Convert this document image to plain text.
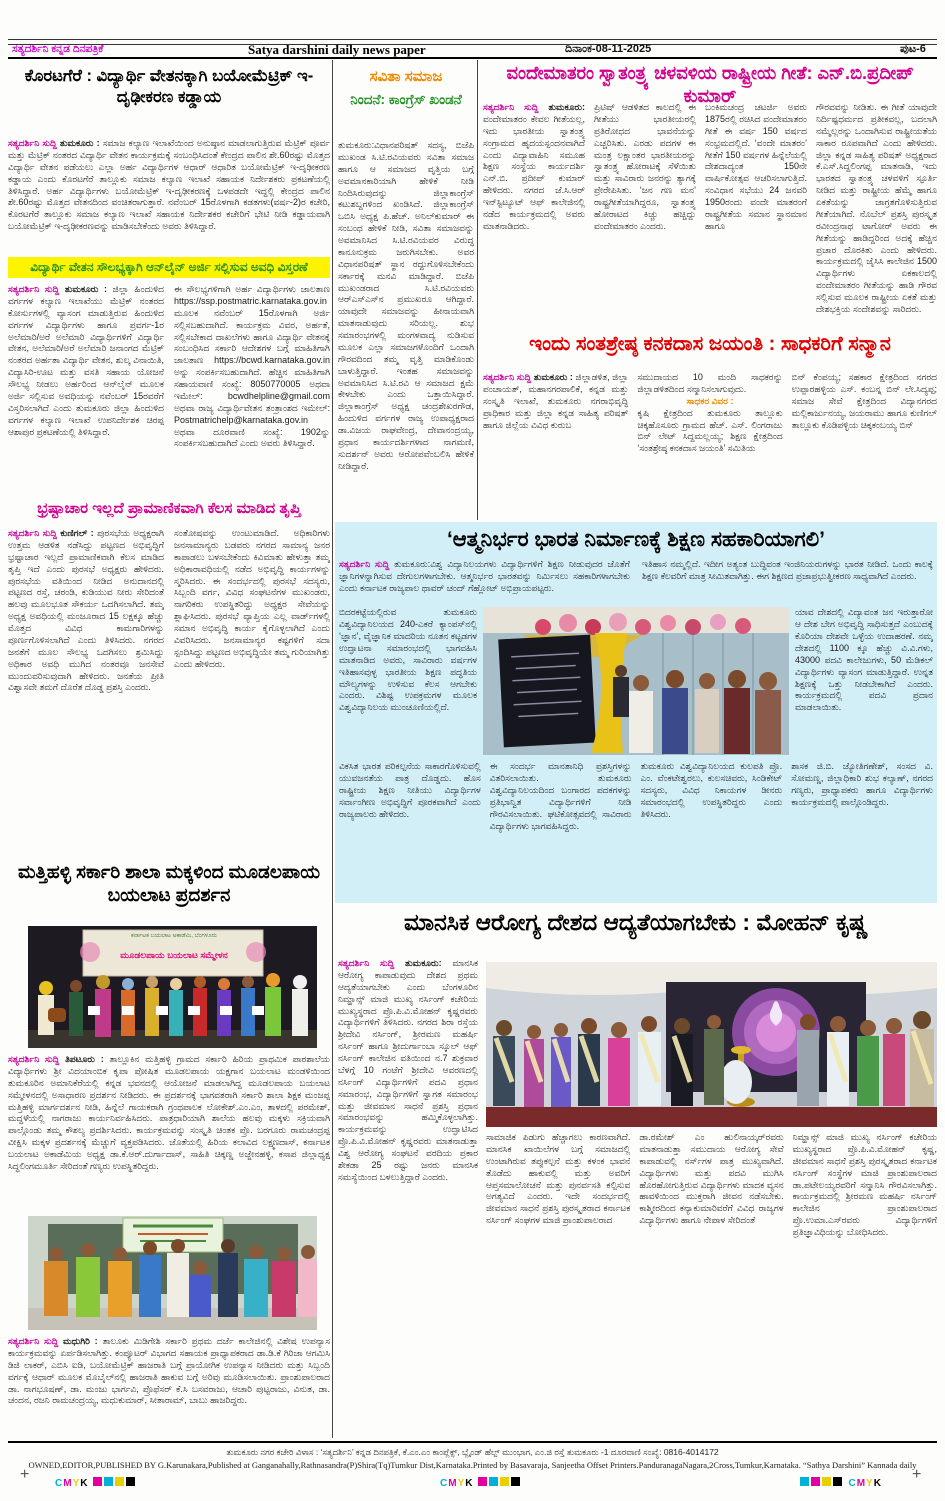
ಸತ್ಯದರ್ಶಿನಿ ಕನ್ನಡ ದಿನಪತ್ರಿಕೆ	Satya darshini daily news paper	ದಿನಾಂಕ-08-11-2025	ಪುಟ-6
ಕೊರಟಗೆರೆ : ವಿದ್ಯಾರ್ಥಿ ವೇತನಕ್ಕಾಗಿ ಬಯೋಮೆಟ್ರಿಕ್ ಇ-ದೃಢೀಕರಣ ಕಡ್ಡಾಯ
ಸತ್ಯದರ್ಶಿನಿ ಸುದ್ದಿ ತುಮಕೂರು : ಸಮಾಜ ಕಲ್ಯಾಣ ಇಲಾಖೆಯಿಂದ ಅನುಷ್ಠಾನ ಮಾಡಲಾಗುತ್ತಿರುವ ಮೆಟ್ರಿಕ್ ಪೂರ್ವ ಮತ್ತು ಮೆಟ್ರಿಕ್ ನಂತರದ ವಿದ್ಯಾರ್ಥಿ ವೇತನ ಕಾರ್ಯಕ್ರಮಕ್ಕೆ ಸಂಬಂಧಿಸಿದಂತೆ ಕೇಂದ್ರದ ಪಾಲಿನ ಶೇ.60ರಷ್ಟು ಮೊತ್ತದ ವಿದ್ಯಾರ್ಥಿ ವೇತನ ಪಡೆಯಲು ಎಲ್ಲಾ ಅರ್ಹ ವಿದ್ಯಾರ್ಥಿಗಳ ಆಧಾರ್ ಆಧಾರಿತ ಬಯೋಮೆಟ್ರಿಕ್ ಇ-ದೃಢೀಕರಣ ಕಡ್ಡಾಯ ಎಂದು ಕೊರಟಗೆರೆ ತಾಲ್ಲೂಕು ಸಮಾಜ ಕಲ್ಯಾಣ ಇಲಾಖೆ ಸಹಾಯಕ ನಿರ್ದೇಶಕರು ಪ್ರಕಟಣೆಯಲ್ಲಿ ತಿಳಿಸಿದ್ದಾರೆ. ಅರ್ಹ ವಿದ್ಯಾರ್ಥಿಗಳು ಬಯೋಮೆಟ್ರಿಕ್ ಇ-ದೃಢೀಕರಣಕ್ಕೆ ಒಳಪಡದೇ ಇದ್ದಲ್ಲಿ ಕೇಂದ್ರದ ಪಾಲಿನ ಶೇ.60ರಷ್ಟು ಮೊತ್ತದ ವೇತನದಿಂದ ವಂಚಿತರಾಗುತ್ತಾರೆ. ನವೆಂಬರ್ 15ರೊಳಗಾಗಿ ಕಡತಗಳು(ವರ್ಷ-2)ರ ಕಚೇರಿ, ಕೊರಟಗೆರೆ ತಾಲ್ಲೂಕು ಸಮಾಜ ಕಲ್ಯಾಣ ಇಲಾಖೆ ಸಹಾಯಕ ನಿರ್ದೇಶಕರ ಕಚೇರಿಗೆ ಭೇಟಿ ನೀಡಿ ಕಡ್ಡಾಯವಾಗಿ ಬಯೋಮೆಟ್ರಿಕ್ ಇ-ದೃಢೀಕರಣವನ್ನು ಮಾಡಿಸಬೇಕೆಂದು ಅವರು ತಿಳಿಸಿದ್ದಾರೆ.
ವಿದ್ಯಾರ್ಥಿ ವೇತನ ಸೌಲಭ್ಯಕ್ಕಾಗಿ ಆನ್‌ಲೈನ್ ಅರ್ಜಿ ಸಲ್ಲಿಸುವ ಅವಧಿ ವಿಸ್ತರಣೆ
ಸತ್ಯದರ್ಶಿನಿ ಸುದ್ದಿ ತುಮಕೂರು : ಜಿಲ್ಲಾ ಹಿಂದುಳಿದ ವರ್ಗಗಳ ಕಲ್ಯಾಣ ಇಲಾಖೆಯು ಮೆಟ್ರಿಕ್ ನಂತರದ ಕೋರ್ಸುಗಳಲ್ಲಿ ವ್ಯಾಸಂಗ ಮಾಡುತ್ತಿರುವ ಹಿಂದುಳಿದ ವರ್ಗಗಳ ವಿದ್ಯಾರ್ಥಿಗಳು ಹಾಗೂ ಪ್ರವರ್ಗ-1ರ ಅಲೆಮಾರಿ/ಅರೆ ಅಲೆಮಾರಿ ವಿದ್ಯಾರ್ಥಿಗಳಿಗೆ ವಿದ್ಯಾರ್ಥಿ ವೇತನ, ಅಲೆಮಾರಿ/ಅರೆ ಅಲೆಮಾರಿ ಜನಾಂಗದ ಮೆಟ್ರಿಕ್ ನಂತರದ ಅರ್ಹತಾ ವಿದ್ಯಾರ್ಥಿ ವೇತನ, ಶುಲ್ಕ ವಿನಾಯಿತಿ, ವಿದ್ಯಾಸಿರಿ-ಊಟ ಮತ್ತು ವಸತಿ ಸಹಾಯ ಯೋಜನೆ ಸೌಲಭ್ಯ ನೀಡಲು ಅರ್ಹರಿಂದ ಆನ್‌ಲೈನ್ ಮೂಲಕ ಅರ್ಜಿ ಸಲ್ಲಿಸುವ ಅವಧಿಯನ್ನು ನವೆಂಬರ್ 15ರವರೆಗೆ ವಿಸ್ತರಿಸಲಾಗಿದೆ ಎಂದು ತುಮಕೂರು ಜಿಲ್ಲಾ ಹಿಂದುಳಿದ ವರ್ಗಗಳ ಕಲ್ಯಾಣ ಇಲಾಖೆ ಉಪನಿರ್ದೇಶಕ ಚಿರಪ್ಪ ಆಶಾಪುರ ಪ್ರಕಟಣೆಯಲ್ಲಿ ತಿಳಿಸಿದ್ದಾರೆ.
ಈ ಸೌಲಭ್ಯಗಳಿಗಾಗಿ ಅರ್ಹ ವಿದ್ಯಾರ್ಥಿಗಳು ಜಾಲತಾಣ https://ssp.postmatric.karnataka.gov.in ಮೂಲಕ ನವೆಂಬರ್ 15ರೊಳಗಾಗಿ ಅರ್ಜಿ ಸಲ್ಲಿಸಬಹುದಾಗಿದೆ. ಕಾರ್ಯಕ್ರಮ ವಿವರ, ಅರ್ಹತೆ, ಸಲ್ಲಿಸಬೇಕಾದ ದಾಖಲೆಗಳು ಹಾಗೂ ವಿದ್ಯಾರ್ಥಿ ವೇತನಕ್ಕೆ ಸಂಬಂಧಿಸಿದ ಸರ್ಕಾರಿ ಆದೇಶಗಳ ಬಗ್ಗೆ ಮಾಹಿತಿಗಾಗಿ ಜಾಲತಾಣ https://bcwd.karnataka.gov.in ಅನ್ನು ಸಂಪರ್ಕಿಸಬಹುದಾಗಿದೆ. ಹೆಚ್ಚಿನ ಮಾಹಿತಿಗಾಗಿ ಸಹಾಯವಾಣಿ ಸಂಖ್ಯೆ: 8050770005 ಅಥವಾ ಇಮೇಲ್: bcwdhelpline@gmail.com ಅಥವಾ ರಾಜ್ಯ ವಿದ್ಯಾರ್ಥಿವೇತನ ತಂತ್ರಾಂಶದ ಇಮೇಲ್: Postmatrichelp@karnataka.gov.in ಅಥವಾ ದೂರವಾಣಿ ಸಂಖ್ಯೆ: 1902ನ್ನು ಸಂಪರ್ಕಿಸಬಹುದಾಗಿದೆ ಎಂದು ಅವರು ತಿಳಿಸಿದ್ದಾರೆ.
ಭ್ರಷ್ಟಾಚಾರ ಇಲ್ಲದೆ ಪ್ರಾಮಾಣಿಕವಾಗಿ ಕೆಲಸ ಮಾಡಿದ ತೃಪ್ತಿ
ಸತ್ಯದರ್ಶಿನಿ ಸುದ್ದಿ ಕುಣಿಗಲ್ : ಪುರಸಭೆಯ ಅಧ್ಯಕ್ಷರಾಗಿ ಉತ್ತಮ ಆಡಳಿತ ನಡೆಸಿದ್ದು ಪಟ್ಟಣದ ಅಭಿವೃದ್ಧಿಗೆ ಭ್ರಷ್ಟಾಚಾರ ಇಲ್ಲದೆ ಪ್ರಾಮಾಣಿಕವಾಗಿ ಕೆಲಸ ಮಾಡಿದ ತೃಪ್ತಿ ಇದೆ ಎಂದು ಪುರಸಭೆ ಅಧ್ಯಕ್ಷರು ಹೇಳಿದರು. ಪುರಸಭೆಯ ವತಿಯಿಂದ ನೀಡಿದ ಅನುದಾನದಲ್ಲಿ ಪಟ್ಟಣದ ರಸ್ತೆ, ಚರಂಡಿ, ಕುಡಿಯುವ ನೀರು ಸೇರಿದಂತೆ ಹಲವು ಮೂಲಭೂತ ಸೌಕರ್ಯ ಒದಗಿಸಲಾಗಿದೆ. ತಮ್ಮ ಅಧ್ಯಕ್ಷ ಅವಧಿಯಲ್ಲಿ ಮಂಜೂರಾದ 15 ಲಕ್ಷಕ್ಕೂ ಹೆಚ್ಚು ಮೊತ್ತದ ವಿವಿಧ ಕಾಮಗಾರಿಗಳನ್ನು ಪೂರ್ಣಗೊಳಿಸಲಾಗಿದೆ ಎಂದು ತಿಳಿಸಿದರು. ನಗರದ ಜನತೆಗೆ ಮೂಲ ಸೌಲಭ್ಯ ಒದಗಿಸಲು ಶ್ರಮಿಸಿದ್ದು ಅಧಿಕಾರ ಅವಧಿ ಮುಗಿದ ನಂತರವೂ ಜನಸೇವೆ ಮುಂದುವರಿಸುವುದಾಗಿ ಹೇಳಿದರು. ಜನತೆಯ ಪ್ರೀತಿ ವಿಶ್ವಾಸವೇ ತಮಗೆ ದೊರೆತ ದೊಡ್ಡ ಪ್ರಶಸ್ತಿ ಎಂದರು.
ಸಂತೋಷವನ್ನು ಉಂಟುಮಾಡಿದೆ. ಅಧಿಕಾರಿಗಳು ಜನಸಾಮಾನ್ಯರು ಬಡವರು ನಗರದ ಸಾಮಾನ್ಯ ಜನರ ಕಾಪಾಡಲು ಬಳಸಬೇಕೆಂದು ಕಿವಿಮಾತು ಹೇಳುತ್ತಾ ತಮ್ಮ ಅಧಿಕಾರಾವಧಿಯಲ್ಲಿ ನಡೆದ ಅಭಿವೃದ್ಧಿ ಕಾರ್ಯಗಳನ್ನು ಸ್ಮರಿಸಿದರು. ಈ ಸಂದರ್ಭದಲ್ಲಿ ಪುರಸಭೆ ಸದಸ್ಯರು, ಸಿಬ್ಬಂದಿ ವರ್ಗ, ವಿವಿಧ ಸಂಘಟನೆಗಳ ಮುಖಂಡರು, ನಾಗರಿಕರು ಉಪಸ್ಥಿತರಿದ್ದು ಅಧ್ಯಕ್ಷರ ಸೇವೆಯನ್ನು ಶ್ಲಾಘಿಸಿದರು. ಪುರಸಭೆ ವ್ಯಾಪ್ತಿಯ ಎಲ್ಲ ವಾರ್ಡ್‌ಗಳಲ್ಲಿ ಸಮಾನ ಅಭಿವೃದ್ಧಿ ಕಾರ್ಯ ಕೈಗೊಳ್ಳಲಾಗಿದೆ ಎಂದು ವಿವರಿಸಿದರು. ಜನಸಾಮಾನ್ಯರ ಕಷ್ಟಗಳಿಗೆ ಸದಾ ಸ್ಪಂದಿಸಿದ್ದು ಪಟ್ಟಣದ ಅಭಿವೃದ್ಧಿಯೇ ತಮ್ಮ ಗುರಿಯಾಗಿತ್ತು ಎಂದು ಹೇಳಿದರು.
ಮತ್ತಿಹಳ್ಳಿ ಸರ್ಕಾರಿ ಶಾಲಾ ಮಕ್ಕಳಿಂದ ಮೂಡಲಪಾಯ ಬಯಲಾಟ ಪ್ರದರ್ಶನ
ಕರ್ನಾಟಕ ಬಯಲಾಟ ಅಕಾಡೆಮಿ, ಬೆಂಗಳೂರು
ಮೂಡಲಪಾಯ ಬಯಲಾಟ ಸಮ್ಮೇಳನ
ಸತ್ಯದರ್ಶಿನಿ ಸುದ್ದಿ ತಿಪಟೂರು : ತಾಲ್ಲೂಕಿನ ಮತ್ತಿಹಳ್ಳಿ ಗ್ರಾಮದ ಸರ್ಕಾರಿ ಹಿರಿಯ ಪ್ರಾಥಮಿಕ ಪಾಠಶಾಲೆಯ ವಿದ್ಯಾರ್ಥಿಗಳು ಶ್ರೀ ವಿದಯಾಂಬಿಕ ಕೃಪಾ ಪೋಷಿತ ಮೂಡಲಪಾಯ ಯಕ್ಷಗಾನ ಬಯಲಾಟ ಮಂಡಳಿಯಿಂದ ತುಮಕೂರಿನ ಅಮಾನಿಕೆರೆಯಲ್ಲಿ ಕನ್ನಡ ಭವನದಲ್ಲಿ ಆಯೋಜನೆ ಮಾಡಲಾಗಿದ್ದ ಮೂಡಲಪಾಯ ಬಯಲಾಟ ಸಮ್ಮೇಳನದಲ್ಲಿ ಅಸಾಧಾರಣ ಪ್ರದರ್ಶನ ನೀಡಿದರು. ಈ ಪ್ರದರ್ಶನಕ್ಕೆ ಭಾಗವತರಾಗಿ ಸರ್ಕಾರಿ ಶಾಲಾ ಶಿಕ್ಷಕ ಮಂಜಪ್ಪ ಮತ್ತಿಹಳ್ಳಿ ಮಾರ್ಗದರ್ಶನ ನೀಡಿ, ಹಿನ್ನೆಲೆ ಗಾಯಕರಾಗಿ ಗ್ರಂಥಪಾಲಕ ಲೋಕೇಶ್.ಎಂ.ಎಂ, ತಾಳದಲ್ಲಿ ಪರಮೇಶ್, ಮದ್ದಳೆಯಲ್ಲಿ ನಾಗರಾಜು ಕಾರ್ಯನಿರ್ವಹಿಸಿದರು. ಪಾತ್ರಧಾರಿಯಾಗಿ ಶಾಲೆಯ ಹಲವು ಮಕ್ಕಳು ಸಕ್ರಿಯವಾಗಿ ಪಾಲ್ಗೊಂಡು ತಮ್ಮ ಕೌಶಲ್ಯ ಪ್ರದರ್ಶಿಸಿದರು. ಕಾರ್ಯಕ್ರಮವನ್ನು ಸಂಸ್ಕೃತಿ ಚಿಂತಕ ಪ್ರೊ. ಬರಗೂರು ರಾಮಚಂದ್ರಪ್ಪ ವೀಕ್ಷಿಸಿ ಮಕ್ಕಳ ಪ್ರದರ್ಶನಕ್ಕೆ ಮೆಚ್ಚುಗೆ ವ್ಯಕ್ತಪಡಿಸಿದರು. ಜೊತೆಯಲ್ಲಿ ಹಿರಿಯ ಕಲಾವಿದ ಲಕ್ಷ್ಮಣದಾಸ್, ಕರ್ನಾಟಕ ಬಯಲಾಟ ಅಕಾಡೆಮಿಯ ಅಧ್ಯಕ್ಷ ಡಾ.ಕೆ.ಆರ್.ದುರ್ಗಾದಾಸ್, ಸಾಹಿತಿ ಚಿಕ್ಕಣ್ಣ ಅಜ್ಜೇನಹಳ್ಳಿ, ಕಸಾಪ ಜಿಲ್ಲಾಧ್ಯಕ್ಷ ಸಿದ್ಧಲಿಂಗಮೂರ್ತಿ ಸೇರಿದಂತೆ ಗಣ್ಯರು ಉಪಸ್ಥಿತರಿದ್ದರು.
ಸತ್ಯದರ್ಶಿನಿ ಸುದ್ದಿ ಮಧುಗಿರಿ : ತಾಲೂಕು ಮಿಡಿಗೇಶಿ ಸರ್ಕಾರಿ ಪ್ರಥಮ ದರ್ಜೆ ಕಾಲೇಜಿನಲ್ಲಿ ವಿಶೇಷ ಉಪನ್ಯಾಸ ಕಾರ್ಯಕ್ರಮವನ್ನು ಏರ್ಪಡಿಸಲಾಗಿತ್ತು. ಕಂಪ್ಯೂಟರ್ ವಿಭಾಗದ ಸಹಾಯಕ ಪ್ರಾಧ್ಯಾಪಕರಾದ ಡಾ.ಡಿ.ಕೆ ಗಿರಿಜಾ ಆಗಮಿಸಿ ಡಿಜಿ ಲಾಕರ್, ಎಬಿಸಿ ಐಡಿ, ಬಯೋಮೆಟ್ರಿಕ್ ಹಾಜರಾತಿ ಬಗ್ಗೆ ಪ್ರಾಯೋಗಿಕ ಉಪನ್ಯಾಸ ನೀಡಿದರು ಮತ್ತು ಸಿಬ್ಬಂದಿ ವರ್ಗಕ್ಕೆ ಆಧಾರ್ ಮೂಲಕ ಮೊಬೈಲ್‌ನಲ್ಲಿ ಹಾಜರಾತಿ ಹಾಕುವ ಬಗ್ಗೆ ಅರಿವು ಮೂಡಿಸಲಾಯಿತು. ಪ್ರಾಂಶುಪಾಲರಾದ ಡಾ. ನಾಗಭೂಷಣ್, ಡಾ. ಮಂಜು ಭಾರ್ಗವಿ, ಪ್ರೊಫೆಸರ್ ಕೆ.ಸಿ ಬಸವರಾಜು, ಆಚಾರಿ ಪುಟ್ಟರಾಜು, ವಿನುತ, ಡಾ. ಚಂದನ, ರಜನಿ ರಾಮಚಂದ್ರಯ್ಯ, ಮಧುಕುಮಾರ್, ಸೀತಾರಾಮ್, ಬಾಬು ಹಾಜರಿದ್ದರು.
ಸವಿತಾ ಸಮಾಜ
ನಿಂದನೆ: ಕಾಂಗ್ರೆಸ್ ಖಂಡನೆ
ತುಮಕೂರು:ವಿಧಾನಪರಿಷತ್ ಸದಸ್ಯ, ಬಿಜೆಪಿ ಮುಖಂಡ ಸಿ.ಟಿ.ರವಿಯವರು ಸವಿತಾ ಸಮಾಜ ಹಾಗೂ ಆ ಸಮಾಜದ ವೃತ್ತಿಯ ಬಗ್ಗೆ ಅವಮಾನಕಾರಿಯಾಗಿ ಹೇಳಿಕೆ ನೀಡಿ ನಿಂದಿಸಿರುವುದನ್ನು ಜಿಲ್ಲಾಕಾಂಗ್ರೆಸ್ ಕಟುಶಬ್ದಗಳಿಂದ ಖಂಡಿಸಿದೆ. ಜಿಲ್ಲಾಕಾಂಗ್ರೆಸ್ ಒಬಿಸಿ ಅಧ್ಯಕ್ಷ ಪಿ.ಹೆಚ್. ಅನಿಲ್‌ಕುಮಾರ್ ಈ ಸಂಬಂಧ ಹೇಳಿಕೆ ನೀಡಿ, ಸವಿತಾ ಸಮಾಜವನ್ನು ಅವಮಾನಿಸಿದ ಸಿ.ಟಿ.ರವಿಯವರ ವಿರುದ್ಧ ಕಾನೂನುಕ್ರಮ ಜರುಗಿಸಬೇಕು. ಅವರ ವಿಧಾನಪರಿಷತ್ ಸ್ಥಾನ ರದ್ದುಗೊಳಿಸಬೇಕೆಂದು ಸರ್ಕಾರಕ್ಕೆ ಮನವಿ ಮಾಡಿದ್ದಾರೆ. ಬಿಜೆಪಿ ಮುಖಂಡರಾದ ಸಿ.ಟಿ.ರವಿಯವರು ಆರ್‌ಎಸ್‌ಎಸ್‌ನ ಪ್ರಮುಖರೂ ಆಗಿದ್ದಾರೆ. ಯಾವುದೇ ಸಮಾಜವನ್ನು ಹೀನಾಯವಾಗಿ ಮಾತನಾಡುವುದು ಸರಿಯಲ್ಲ. ಶುಭ ಸಮಾರಂಭಗಳಲ್ಲಿ ಮಂಗಳವಾದ್ಯ ನುಡಿಸುವ ಮೂಲಕ ಎಲ್ಲಾ ಸಮಾಜಗಳೊಂದಿಗೆ ಒಂದಾಗಿ ಗೌರವದಿಂದ ತಮ್ಮ ವೃತ್ತಿ ಮಾಡಿಕೊಂಡು ಬಾಳುತ್ತಿದ್ದಾರೆ. ಇಂತಹ ಸಮಾಜವನ್ನು ಅವಮಾನಿಸಿದ ಸಿ.ಟಿ.ರವಿ ಆ ಸಮಾಜದ ಕ್ಷಮೆ ಕೇಳಬೇಕು ಎಂದು ಒತ್ತಾಯಿಸಿದ್ದಾರೆ. ಜಿಲ್ಲಾಕಾಂಗ್ರೆಸ್ ಅಧ್ಯಕ್ಷ ಚಂದ್ರಶೇಖರಗೌಡ, ಹಿಂದುಳಿದ ವರ್ಗಗಳ ರಾಜ್ಯ ಉಪಾಧ್ಯಕ್ಷರಾದ ಡಾ.ವಿಜಯ ರಾಘವೇಂದ್ರ, ದೇವಾನಂದ್ರಯ್ಯ, ಪ್ರಧಾನ ಕಾರ್ಯದರ್ಶಿಗಳಾದ ನಾಗಮಣಿ, ಸುದರ್ಶನ್ ಅವರು ಆರೋಪವೆಂಬಲಿಸಿ ಹೇಳಿಕೆ ನೀಡಿದ್ದಾರೆ.
ವಂದೇಮಾತರಂ ಸ್ವಾತಂತ್ರ್ಯ ಚಳವಳಿಯ ರಾಷ್ಟ್ರೀಯ ಗೀತೆ: ಎನ್.ಬಿ.ಪ್ರದೀಪ್ ಕುಮಾರ್
ಸತ್ಯದರ್ಶಿನಿ ಸುದ್ದಿ ತುಮಕೂರು: ವಂದೇಮಾತರಂ ಕೇವಲ ಗೀತೆಯಲ್ಲ, ಇದು ಭಾರತೀಯ ಸ್ವಾತಂತ್ರ್ಯ ಸಂಗ್ರಾಮದ ಹೃದಯಸ್ಪಂದನವಾಗಿದೆ ಎಂದು ವಿದ್ಯಾವಾಹಿನಿ ಸಮೂಹ ಶಿಕ್ಷಣ ಸಂಸ್ಥೆಯ ಕಾರ್ಯದರ್ಶಿ ಎನ್.ಬಿ. ಪ್ರದೀಪ್ ಕುಮಾರ್ ಹೇಳಿದರು. ನಗರದ ಜೆ.ಸಿ.ಆರ್ ಇನ್‌ಸ್ಟಿಟ್ಯೂಟ್ ಆಫ್ ಕಾಲೇಜಿನಲ್ಲಿ ನಡೆದ ಕಾರ್ಯಕ್ರಮದಲ್ಲಿ ಅವರು ಮಾತನಾಡಿದರು.
ಪ್ರಿಟಿಷ್ ಆಡಳಿತದ ಕಾಲದಲ್ಲಿ ಈ ಗೀತೆಯು ಭಾರತೀಯರಲ್ಲಿ ಪ್ರತಿರೋಧದ ಭಾವನೆಯನ್ನು ಎಚ್ಚರಿಸಿತು. ಎರಡು ಪದಗಳ ಈ ಮಂತ್ರ ಲಕ್ಷಾಂತರ ಭಾರತೀಯರನ್ನು ಸ್ವಾತಂತ್ರ್ಯ ಹೋರಾಟಕ್ಕೆ ಸೆಳೆಯಿತು ಮತ್ತು ಸಾವಿರಾರು ಜನರನ್ನು ತ್ಯಾಗಕ್ಕೆ ಪ್ರೇರೇಪಿಸಿತು. ‘ಜನ ಗಣ ಮನ’ ರಾಷ್ಟ್ರಗೀತೆಯಾಗಿದ್ದರೂ, ಸ್ವಾತಂತ್ರ್ಯ ಹೋರಾಟದ ಕಿಚ್ಚು ಹಚ್ಚಿದ್ದು ವಂದೇಮಾತರಂ ಎಂದರು.
ಬಂಕಿಮಚಂದ್ರ ಚಟರ್ಜಿ ಅವರು 1875ರಲ್ಲಿ ರಚಿಸಿದ ವಂದೇಮಾತರಂ ಗೀತೆ ಈ ವರ್ಷ 150 ವರ್ಷದ ಸಂಭ್ರಮದಲ್ಲಿದೆ. ‘ವಂದೇ ಮಾತರಂ’ ಗೀತೆಗೆ 150 ವರ್ಷಗಳ ಹಿನ್ನೆಲೆಯಲ್ಲಿ ದೇಶದಾದ್ಯಂತ 150ನೇ ವಾರ್ಷಿಕೋತ್ಸವ ಆಚರಿಸಲಾಗುತ್ತಿದೆ. ಸಂವಿಧಾನ ಸಭೆಯು 24 ಜನವರಿ 1950ರಂದು ವಂದೇ ಮಾತರಂಗೆ ರಾಷ್ಟ್ರಗೀತೆಯ ಸಮಾನ ಸ್ಥಾನಮಾನ ಹಾಗೂ
ಗೌರವವನ್ನು ನೀಡಿತು. ಈ ಗೀತೆ ಯಾವುದೇ ನಿರ್ದಿಷ್ಟಧರ್ಮದ ಪ್ರತೀಕವಲ್ಲ, ಬದಲಾಗಿ ನಮ್ಮೆಲ್ಲರನ್ನು ಒಂದಾಗಿಸುವ ರಾಷ್ಟ್ರೀಯತೆಯ ಸಾಕಾರ ರೂಪವಾಗಿದೆ ಎಂದು ಹೇಳಿದರು. ಜಿಲ್ಲಾ ಕನ್ನಡ ಸಾಹಿತ್ಯ ಪರಿಷತ್ ಅಧ್ಯಕ್ಷರಾದ ಕೆ.ಎಸ್.ಸಿದ್ದಲಿಂಗಪ್ಪ ಮಾತನಾಡಿ, ಇದು ಭಾರತದ ಸ್ವಾತಂತ್ರ್ಯ ಚಳವಳಿಗೆ ಸ್ಫೂರ್ತಿ ನೀಡಿದ ಮತ್ತು ರಾಷ್ಟ್ರೀಯ ಹೆಮ್ಮೆ ಹಾಗೂ ಏಕತೆಯನ್ನು ಜಾಗ್ರತಗೊಳಿಸುತ್ತಿರುವ ಗೀತೆಯಾಗಿದೆ. ನೊಬೆಲ್ ಪ್ರಶಸ್ತಿ ಪುರಸ್ಕೃತ ರವೀಂದ್ರನಾಥ ಟಾಗೋರ್ ಅವರು ಈ ಗೀತೆಯನ್ನು ಹಾಡಿದ್ದರಿಂದ ಅದಕ್ಕೆ ಹೆಚ್ಚಿನ ಪ್ರಚಾರ ದೊರಕಿತು ಎಂದು ಹೇಳಿದರು. ಕಾರ್ಯಕ್ರಮದಲ್ಲಿ ಜೈಸಿಸಿ ಕಾಲೇಜಿನ 1500 ವಿದ್ಯಾರ್ಥಿಗಳು ಏಕಕಾಲದಲ್ಲಿ ವಂದೇಮಾತರಂ ಗೀತೆಯನ್ನು ಹಾಡಿ ಗೌರವ ಸಲ್ಲಿಸುವ ಮೂಲಕ ರಾಷ್ಟ್ರೀಯ ಏಕತೆ ಮತ್ತು ದೇಶಭಕ್ತಿಯ ಸಂದೇಶವನ್ನು ಸಾರಿದರು.
ಇಂದು ಸಂತಶ್ರೇಷ್ಠ ಕನಕದಾಸ ಜಯಂತಿ : ಸಾಧಕರಿಗೆ ಸನ್ಮಾನ
ಸತ್ಯದರ್ಶಿನಿ ಸುದ್ದಿ ತುಮಕೂರು : ಜಿಲ್ಲಾಡಳಿತ, ಜಿಲ್ಲಾ ಪಂಚಾಯತ್, ಮಹಾನಗರಪಾಲಿಕೆ, ಕನ್ನಡ ಮತ್ತು ಸಂಸ್ಕೃತಿ ಇಲಾಖೆ, ತುಮಕೂರು ನಗರಾಭಿವೃದ್ಧಿ ಪ್ರಾಧಿಕಾರ ಮತ್ತು ಜಿಲ್ಲಾ ಕನ್ನಡ ಸಾಹಿತ್ಯ ಪರಿಷತ್ ಹಾಗೂ ಜಿಲ್ಲೆಯ ವಿವಿಧ ಕುರುಬ
ಸಮುದಾಯದ 10 ಮಂದಿ ಸಾಧಕರನ್ನು ಜಿಲ್ಲಾಡಳಿತದಿಂದ ಸನ್ಮಾನಿಸಲಾಗುವುದು.
ಸಾಧಕರ ವಿವರ :
ಕೃಷಿ ಕ್ಷೇತ್ರದಿಂದ ತುಮಕೂರು ತಾಲ್ಲೂಕು ಚಿಕ್ಕಹೊಸೂರು ಗ್ರಾಮದ ಹೆಚ್. ಎಸ್. ಲಿಂಗರಾಜು ಬಿನ್ ಲೇಟ್ ಸಿದ್ದಮಲ್ಲಯ್ಯ; ಶಿಕ್ಷಣ ಕ್ಷೇತ್ರದಿಂದ ‘ಸಂತಶ್ರೇಷ್ಠ ಕನಕದಾಸ ಜಯಂತಿ’ ಸಮಿತಿಯ
ಬಿನ್ ಕೆಂಪಯ್ಯ; ಸಹಕಾರ ಕ್ಷೇತ್ರದಿಂದ ನಗರದ ಉಪ್ಪಾರಹಳ್ಳಿಯ ಎಸ್. ಕಂಬನ್ನ ಬಿನ್ ಲೇ.ಸಿದ್ಯಪ್ಪ; ಸಮಾಜ ಸೇವೆ ಕ್ಷೇತ್ರದಿಂದ ವಿದ್ಯಾನಗರದ ಮಲ್ಲಿಕಾರ್ಜುನಯ್ಯ, ಜಯರಾಮು ಹಾಗೂ ಕುಣಿಗಲ್ ತಾಲ್ಲೂಕು ಕೊಡಿಪಳ್ಳಿಯ ಚಿಕ್ಕಕಂಬಯ್ಯ ಬಿನ್
‘ಆತ್ಮನಿರ್ಭರ ಭಾರತ ನಿರ್ಮಾಣಕ್ಕೆ ಶಿಕ್ಷಣ ಸಹಕಾರಿಯಾಗಲಿ’
ಸತ್ಯದರ್ಶಿನಿ ಸುದ್ದಿ ತುಮಕೂರು:ವಿಶ್ವ ವಿದ್ಯಾನಿಲಯಗಳು ವಿದ್ಯಾರ್ಥಿಗಳಿಗೆ ಶಿಕ್ಷಣ ನೀಡುವುದರ ಜೊತೆಗೆ ಜ್ಞಾನಿಗಳನ್ನಾಗಿಸುವ ದೇಗುಲಗಳಾಗಬೇಕು. ಆತ್ಮನಿರ್ಭರ ಭಾರತವನ್ನು ನಿರ್ಮಿಸಲು ಸಹಕಾರಿಗಳಾಗಬೇಕು ಎಂದು ಕರ್ನಾಟಕ ರಾಜ್ಯಪಾಲ ಥಾವರ್ ಚಂದ್ ಗೆಹ್ಲೋಟ್ ಅಭಿಪ್ರಾಯಪಟ್ಟರು.
ಇತಿಹಾಸ ನಮ್ಮಲ್ಲಿದೆ. ಇದೀಗ ಅತ್ಯಂತ ಬುದ್ಧಿವಂತ ಇಂಜಿನಿಯರುಗಳನ್ನು ಭಾರತ ನೀಡಿದೆ. ಒಂದು ಕಾಲಕ್ಕೆ ಶಿಕ್ಷಣ ಕೆಲವರಿಗೆ ಮಾತ್ರ ಸೀಮಿತವಾಗಿತ್ತು. ಈಗ ಶಿಕ್ಷಣದ ಪ್ರಜಾಪ್ರಭುತ್ವೀಕರಣ ಸಾಧ್ಯವಾಗಿದೆ ಎಂದರು.
ಬಿದರಕಟ್ಟೆಯಲ್ಲಿರುವ ತುಮಕೂರು ವಿಶ್ವವಿದ್ಯಾನಿಲಯದ 240-ಎಕರೆ ಕ್ಯಾಂಪಸ್‌ನಲ್ಲಿ ‘ಜ್ಞಾನ’, ವೈಜ್ಞಾನಿಕ ಮಾದರಿಯ ನೂತನ ಕಟ್ಟಡಗಳ ಉದ್ಘಾಟನಾ ಸಮಾರಂಭದಲ್ಲಿ ಭಾಗವಹಿಸಿ ಮಾತನಾಡಿದ ಅವರು, ಸಾವಿರಾರು ವರ್ಷಗಳ ಇತಿಹಾಸವುಳ್ಳ ಭಾರತೀಯ ಶಿಕ್ಷಣ ಪದ್ಧತಿಯ ಮೌಲ್ಯಗಳನ್ನು ಉಳಿಸುವ ಕೆಲಸ ಆಗಬೇಕು ಎಂದರು. ವಿಶಿಷ್ಟ ಉಪಕ್ರಮಗಳ ಮೂಲಕ ವಿಶ್ವವಿದ್ಯಾನಿಲಯ ಮುಂಚೂಣಿಯಲ್ಲಿದೆ.
ಯಾವ ದೇಶದಲ್ಲಿ ವಿದ್ಯಾವಂತ ಜನ ಇರುತ್ತಾರೋ ಆ ದೇಶ ಬೇಗ ಅಭಿವೃದ್ಧಿ ಸಾಧಿಸುತ್ತದೆ ಎಂಬುದಕ್ಕೆ ಕೊರಿಯಾ ದೇಶವೇ ಒಳ್ಳೆಯ ಉದಾಹರಣೆ. ನಮ್ಮ ದೇಶದಲ್ಲಿ 1100 ಕ್ಕೂ ಹೆಚ್ಚು ವಿ.ವಿ.ಗಳು, 43000 ಪದವಿ ಕಾಲೇಜುಗಳು, 50 ಮೆಡಿಕಲ್ ವಿದ್ಯಾರ್ಥಿಗಳು ವ್ಯಾಸಂಗ ಮಾಡುತ್ತಿದ್ದಾರೆ. ಉನ್ನತ ಶಿಕ್ಷಣಕ್ಕೆ ಒತ್ತು ನೀಡಬೇಕಾಗಿದೆ ಎಂದರು. ಕಾರ್ಯಕ್ರಮದಲ್ಲಿ ಪದವಿ ಪ್ರದಾನ ಮಾಡಲಾಯಿತು.
ವಿಕಸಿತ ಭಾರತ ಪರಿಕಲ್ಪನೆಯ ಸಾಕಾರಗೊಳಿಸುವಲ್ಲಿ ಯುವಜನತೆಯ ಪಾತ್ರ ದೊಡ್ಡದು. ಹೊಸ ರಾಷ್ಟ್ರೀಯ ಶಿಕ್ಷಣ ನೀತಿಯು ವಿದ್ಯಾರ್ಥಿಗಳ ಸರ್ವಾಂಗೀಣ ಅಭಿವೃದ್ಧಿಗೆ ಪೂರಕವಾಗಿದೆ ಎಂದು ರಾಜ್ಯಪಾಲರು ಹೇಳಿದರು.
ಈ ಸಂದರ್ಭ ಮಾನತಾನಿಧಿ ಪ್ರಶಸ್ತಿಗಳನ್ನು ವಿತರಿಸಲಾಯಿತು. ತುಮಕೂರು ವಿಶ್ವವಿದ್ಯಾನಿಲಯದಿಂದ ಬಂಗಾರದ ಪದಕಗಳನ್ನು ಪ್ರತಿಭಾನ್ವಿತ ವಿದ್ಯಾರ್ಥಿಗಳಿಗೆ ನೀಡಿ ಗೌರವಿಸಲಾಯಿತು. ಘಟಿಕೋತ್ಸವದಲ್ಲಿ ಸಾವಿರಾರು ವಿದ್ಯಾರ್ಥಿಗಳು ಭಾಗವಹಿಸಿದ್ದರು.
ತುಮಕೂರು ವಿಶ್ವವಿದ್ಯಾನಿಲಯದ ಕುಲಪತಿ ಪ್ರೊ. ಎಂ. ವೆಂಕಟೇಶ್ವರಲು, ಕುಲಸಚಿವರು, ಸಿಂಡಿಕೇಟ್ ಸದಸ್ಯರು, ವಿವಿಧ ನಿಕಾಯಗಳ ಡೀನರು ಸಮಾರಂಭದಲ್ಲಿ ಉಪಸ್ಥಿತರಿದ್ದರು ಎಂದು ತಿಳಿಸಿದರು.
ಶಾಸಕ ಜಿ.ಬಿ. ಜ್ಯೋತಿಗಣೇಶ್, ಸಂಸದ ವಿ. ಸೋಮಣ್ಣ, ಜಿಲ್ಲಾಧಿಕಾರಿ ಶುಭ ಕಲ್ಯಾಣ್, ನಗರದ ಗಣ್ಯರು, ಪ್ರಾಧ್ಯಾಪಕರು ಹಾಗೂ ವಿದ್ಯಾರ್ಥಿಗಳು ಕಾರ್ಯಕ್ರಮದಲ್ಲಿ ಪಾಲ್ಗೊಂಡಿದ್ದರು.
ಮಾನಸಿಕ ಆರೋಗ್ಯ ದೇಶದ ಆದ್ಯತೆಯಾಗಬೇಕು : ಮೋಹನ್ ಕೃಷ್ಣ
ಸತ್ಯದರ್ಶಿನಿ ಸುದ್ದಿ ತುಮಕೂರು: ಮಾನಸಿಕ ಆರೋಗ್ಯ ಕಾಪಾಡುವುದು ದೇಶದ ಪ್ರಥಮ ಆದ್ಯತೆಯಾಗಬೇಕು ಎಂದು ಬೆಂಗಳೂರಿನ ನಿಮ್ಹಾನ್ಸ್ ಮಾಜಿ ಮುಖ್ಯ ನರ್ಸಿಂಗ್ ಕಚೇರಿಯ ಮುಖ್ಯಸ್ಥರಾದ ಪ್ರೊ.ಪಿ.ವಿ.ಮೋಹನ್ ಕೃಷ್ಣರವರು ವಿದ್ಯಾರ್ಥಿಗಳಿಗೆ ತಿಳಿಸಿದರು. ನಗರದ ಶಿರಾ ರಸ್ತೆಯ ಶ್ರೀದೇವಿ ನರ್ಸಿಂಗ್, ಶ್ರೀರಮಣ ಮಹರ್ಷಿ ನರ್ಸಿಂಗ್ ಹಾಗೂ ಶ್ರೀದುರ್ಗಾಂಬಾ ಸ್ಕೂಲ್ ಆಫ್ ನರ್ಸಿಂಗ್ ಕಾಲೇಜಿನ ವತಿಯಿಂದ ನ.7 ಶುಕ್ರವಾರ ಬೆಳಗ್ಗೆ 10 ಗಂಟೆಗೆ ಶ್ರೀದೇವಿ ಆವರಣದಲ್ಲಿ ನರ್ಸಿಂಗ್ ವಿದ್ಯಾರ್ಥಿಗಳಿಗೆ ಪದವಿ ಪ್ರಧಾನ ಸಮಾರಂಭ, ವಿದ್ಯಾರ್ಥಿಗಳಿಗೆ ಸ್ವಾಗತ ಸಮಾರಂಭ ಮತ್ತು ಜೀವಮಾನ ಸಾಧನೆ ಪ್ರಶಸ್ತಿ ಪ್ರಧಾನ ಸಮಾರಂಭವನ್ನು ಹಮ್ಮಿಕೊಳ್ಳಲಾಗಿತ್ತು. ಕಾರ್ಯಕ್ರಮವನ್ನು ಉದ್ಘಾಟಿಸಿದ ಪ್ರೊ.ಪಿ.ವಿ.ಮೋಹನ್ ಕೃಷ್ಣರವರು ಮಾತನಾಡುತ್ತಾ ವಿಶ್ವ ಆರೋಗ್ಯ ಸಂಘಟನೆ ವರದಿಯ ಪ್ರಕಾರ ಶೇಕಡಾ 25 ರಷ್ಟು ಜನರು ಮಾನಸಿಕ ಸಮಸ್ಯೆಯಿಂದ ಬಳಲುತ್ತಿದ್ದಾರೆ ಎಂದರು.
ಸಾಮಾಜಿಕ ಪಿಡುಗು ಹೆಚ್ಚಾಗಲು ಕಾರಣವಾಗಿದೆ. ಮಾನಸಿಕ ಖಾಯಿಲೆಗಳ ಬಗ್ಗೆ ಸಮಾಜದಲ್ಲಿ ಉಂಟಾಗಿರುವ ತಪ್ಪುಕಲ್ಪನೆ ಮತ್ತು ಕಳಂಕ ಭಾವನೆ ತೊಡೆದು ಹಾಕುವಲ್ಲಿ ಮತ್ತು ಅವರಿಗೆ ಆಪ್ತಸಮಾಲೋಚನೆ ಮತ್ತು ಪುನರ್ವಸತಿ ಕಲ್ಪಿಸುವ ಅಗತ್ಯವಿದೆ ಎಂದರು. ಇದೇ ಸಂದರ್ಭದಲ್ಲಿ ಜೀವಮಾನ ಸಾಧನೆ ಪ್ರಶಸ್ತಿ ಪುರಸ್ಕೃತರಾದ ಕರ್ನಾಟಕ ನರ್ಸಿಂಗ್ ಸಂಘಗಳ ಮಾಜಿ ಪ್ರಾಂಶುಪಾಲರಾದ
ಡಾ.ರಮೇಶ್ ಎಂ ಹುಲಿನಾಯ್ಕರ್‌ರವರು ಮಾತನಾಡುತ್ತಾ ಸಮುದಾಯ ಆರೋಗ್ಯ ಸೇವೆ ಕಾಪಾಡುವಲ್ಲಿ ನರ್ಸ್‌ಗಳ ಪಾತ್ರ ಮುಖ್ಯವಾಗಿದೆ. ವಿದ್ಯಾರ್ಥಿಗಳು ಮತ್ತು ಪದವಿ ಮುಗಿಸಿ ಹೊರಹೋಗುತ್ತಿರುವ ವಿದ್ಯಾರ್ಥಿಗಳು ಮಾದಕ ವ್ಯಸನ ಹಾವಳಿಯಿಂದ ಮುಕ್ತರಾಗಿ ಜೀವನ ನಡೆಸಬೇಕು. ಕಾಶ್ಮೀರದಿಂದ ಕನ್ಯಾಕುಮಾರಿವರೆಗೆ ವಿವಿಧ ರಾಜ್ಯಗಳ ವಿದ್ಯಾರ್ಥಿಗಳು ಹಾಗೂ ನೇಪಾಳ ಸೇರಿದಂತೆ
ನಿಮ್ಹಾನ್ಸ್ ಮಾಜಿ ಮುಖ್ಯ ನರ್ಸಿಂಗ್ ಕಚೇರಿಯ ಮುಖ್ಯಸ್ಥರಾದ ಪ್ರೊ.ಪಿ.ವಿ.ಮೋಹನ್ ಕೃಷ್ಣ, ಜೀವಮಾನ ಸಾಧನೆ ಪ್ರಶಸ್ತಿ ಪುರಸ್ಕೃತರಾದ ಕರ್ನಾಟಕ ನರ್ಸಿಂಗ್ ಸಂಸ್ಥೆಗಳ ಮಾಜಿ ಪ್ರಾಂಶುಪಾಲರಾದ ಡಾ.ಪಟೇಲಯ್ಯರವರಿಗೆ ಸನ್ಮಾನಿಸಿ ಗೌರವಿಸಲಾಗಿತ್ತು. ಕಾರ್ಯಕ್ರಮದಲ್ಲಿ ಶ್ರೀರಮಣ ಮಹರ್ಷಿ ನರ್ಸಿಂಗ್ ಕಾಲೇಜಿನ ಪ್ರಾಂಶುಪಾಲರಾದ ಪ್ರೊ.ಉಮಾ.ಎಸ್‌ರವರು ವಿದ್ಯಾರ್ಥಿಗಳಿಗೆ ಪ್ರತಿಜ್ಞಾವಿಧಿಯನ್ನು ಬೋಧಿಸಿದರು.
ತುಮಕೂರು ನಗರ ಕಚೇರಿ ವಿಳಾಸ : ‘ಸತ್ಯದರ್ಶಿನಿ’ ಕನ್ನಡ ದಿನಪತ್ರಿಕೆ, ಕೆ.ಎಂ.ಎಂ ಕಾಂಪ್ಲೆಕ್ಸ್, ಬ್ಲೈಂಡ್ ಹೆಲ್ಪ್ ಮುಂಭಾಗ, ಎಂ.ಜಿ ರಸ್ತೆ ತುಮಕೂರು -1 ದೂರವಾಣಿ ಸಂಖ್ಯೆ: 0816-4014172
OWNED,EDITOR,PUBLISHED BY G.Karunakara,Published at Ganganahally,Rathnasandra(P)Shira(Tq)Tumkur Dist,Karnataka.Printed by Basavaraja, Sanjeetha Offset Printers.PanduranagaNagara,2Cross,Tumkur,Karnataka. “Sathya Darshini” Kannada daily
+	+
CMYK	CMYK	CMYK
